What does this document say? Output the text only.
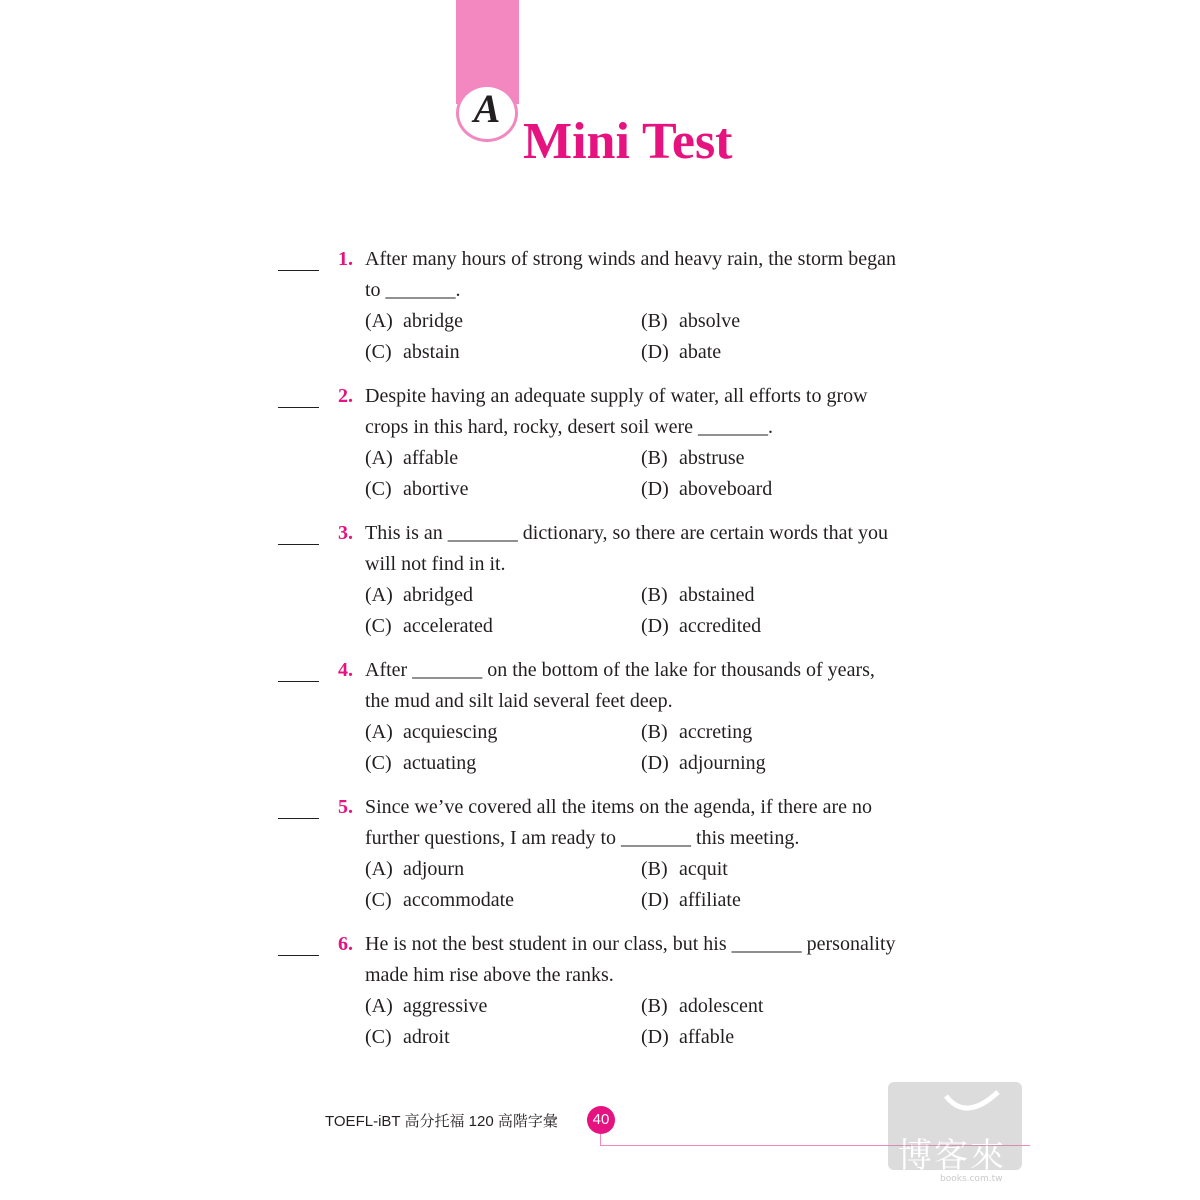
A
Mini Test
1. After many hours of strong winds and heavy rain, the storm began
to _______.
(A) abridge	(B) absolve
(C) abstain	(D) abate
2. Despite having an adequate supply of water, all efforts to grow
crops in this hard, rocky, desert soil were _______.
(A) affable	(B) abstruse
(C) abortive	(D) aboveboard
3. This is an _______ dictionary, so there are certain words that you
will not find in it.
(A) abridged	(B) abstained
(C) accelerated	(D) accredited
4. After _______ on the bottom of the lake for thousands of years,
the mud and silt laid several feet deep.
(A) acquiescing	(B) accreting
(C) actuating	(D) adjourning
5. Since we’ve covered all the items on the agenda, if there are no
further questions, I am ready to _______ this meeting.
(A) adjourn	(B) acquit
(C) accommodate	(D) affiliate
6. He is not the best student in our class, but his _______ personality
made him rise above the ranks.
(A) aggressive	(B) adolescent
(C) adroit	(D) affable
TOEFL-iBT 高分托福 120 高階字彙	40
博客來
books.com.tw
